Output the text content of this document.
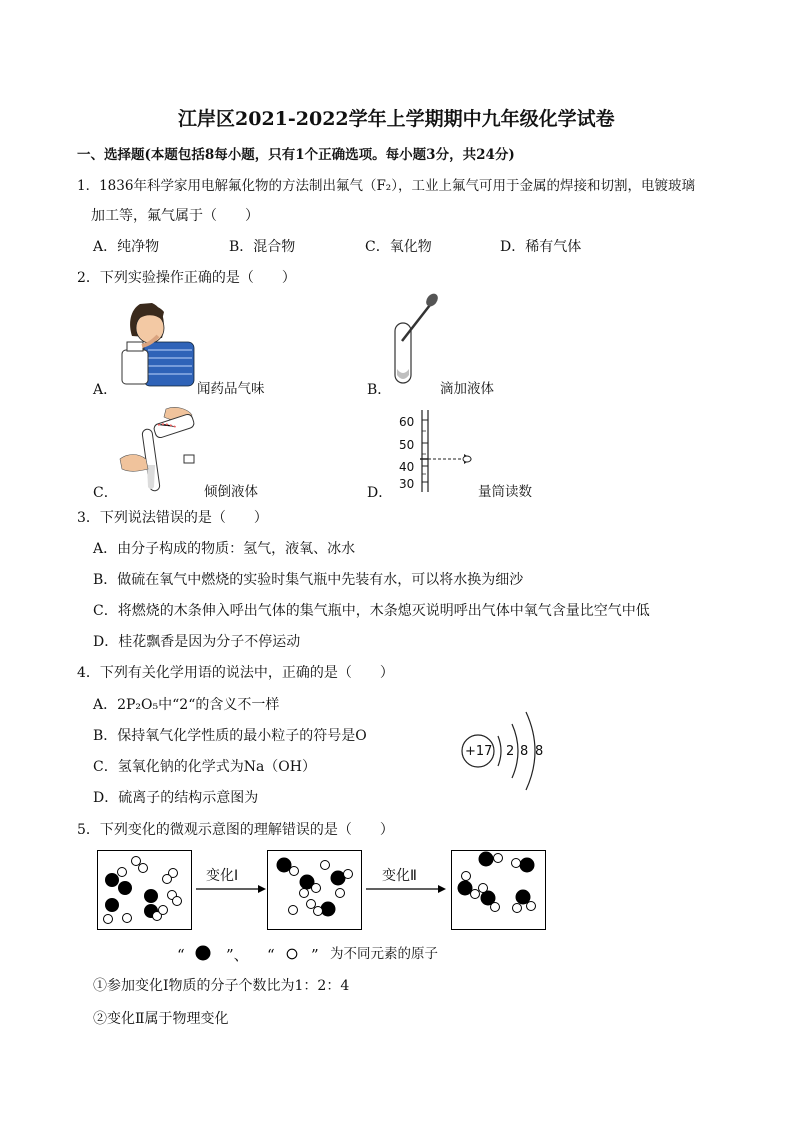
江岸区2021-2022学年上学期期中九年级化学试卷
一、选择题(本题包括8每小题，只有1个正确选项。每小题3分，共24分)
1．1836年科学家用电解氟化物的方法制出氟气（F₂），工业上氟气可用于金属的焊接和切割，电镀玻璃
加工等，氟气属于（　　）
A．纯净物	B．混合物	C．氧化物	D．稀有气体
2．下列实验操作正确的是（　　）
A．	闻药品气味	B．	滴加液体
C．	倾倒液体
60
50
40
30
D．	量筒读数
3．下列说法错误的是（　　）
A．由分子构成的物质：氢气，液氧、冰水
B．做硫在氧气中燃烧的实验时集气瓶中先装有水，可以将水换为细沙
C．将燃烧的木条伸入呼出气体的集气瓶中，木条熄灭说明呼出气体中氧气含量比空气中低
D．桂花飘香是因为分子不停运动
4．下列有关化学用语的说法中，正确的是（　　）
A．2P₂O₅中“2“的含义不一样
B．保持氧气化学性质的最小粒子的符号是O
C．氢氧化钠的化学式为Na（OH）
D．硫离子的结构示意图为
+17 2 8 8
5．下列变化的微观示意图的理解错误的是（　　）
变化Ⅰ	变化Ⅱ
“	”、 “ ” 为不同元素的原子
①参加变化Ⅰ物质的分子个数比为1：2：4
②变化Ⅱ属于物理变化
